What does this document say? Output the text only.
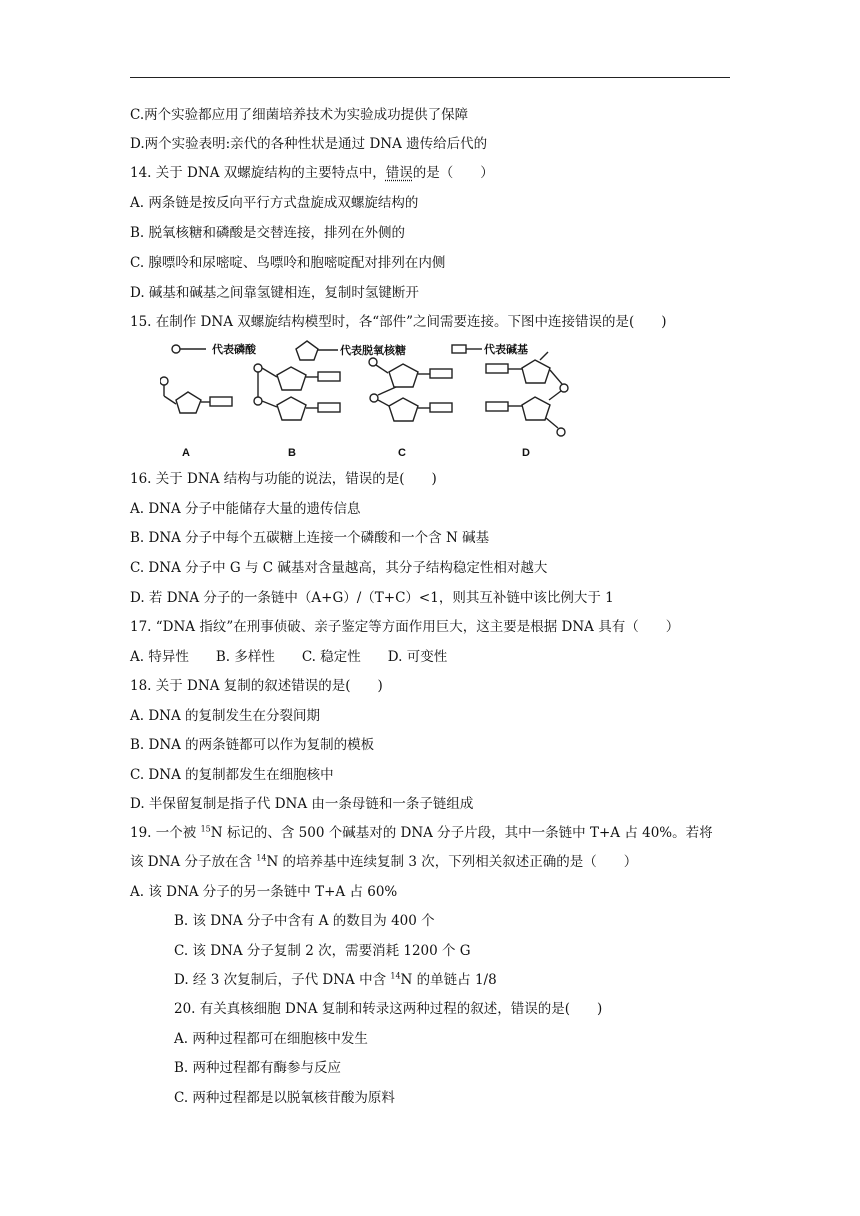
C.两个实验都应用了细菌培养技术为实验成功提供了保障
D.两个实验表明:亲代的各种性状是通过 DNA 遗传给后代的
14. 关于 DNA 双螺旋结构的主要特点中，错误的是（　　）
A. 两条链是按反向平行方式盘旋成双螺旋结构的
B. 脱氧核糖和磷酸是交替连接，排列在外侧的
C. 腺嘌呤和尿嘧啶、鸟嘌呤和胞嘧啶配对排列在内侧
D. 碱基和碱基之间靠氢键相连，复制时氢键断开
15. 在制作 DNA 双螺旋结构模型时，各“部件”之间需要连接。下图中连接错误的是(　　)
代表磷酸	代表脱氧核糖	代表碱基
A	B	C	D
16. 关于 DNA 结构与功能的说法，错误的是(　　)
A. DNA 分子中能储存大量的遗传信息
B. DNA 分子中每个五碳糖上连接一个磷酸和一个含 N 碱基
C. DNA 分子中 G 与 C 碱基对含量越高，其分子结构稳定性相对越大
D. 若 DNA 分子的一条链中（A+G）/（T+C）<1，则其互补链中该比例大于 1
17. “DNA 指纹”在刑事侦破、亲子鉴定等方面作用巨大，这主要是根据 DNA 具有（　　）
A. 特异性　　B. 多样性　　C. 稳定性　　D. 可变性
18. 关于 DNA 复制的叙述错误的是(　　)
A. DNA 的复制发生在分裂间期
B. DNA 的两条链都可以作为复制的模板
C. DNA 的复制都发生在细胞核中
D. 半保留复制是指子代 DNA 由一条母链和一条子链组成
19. 一个被 $^{15}$N 标记的、含 500 个碱基对的 DNA 分子片段，其中一条链中 T+A 占 40%。若将
该 DNA 分子放在含 $^{14}$N 的培养基中连续复制 3 次，下列相关叙述正确的是（　　）
A. 该 DNA 分子的另一条链中 T+A 占 60%
B. 该 DNA 分子中含有 A 的数目为 400 个
C. 该 DNA 分子复制 2 次，需要消耗 1200 个 G
D. 经 3 次复制后，子代 DNA 中含 $^{14}$N 的单链占 1/8
20. 有关真核细胞 DNA 复制和转录这两种过程的叙述，错误的是(　　)
A. 两种过程都可在细胞核中发生
B. 两种过程都有酶参与反应
C. 两种过程都是以脱氧核苷酸为原料
